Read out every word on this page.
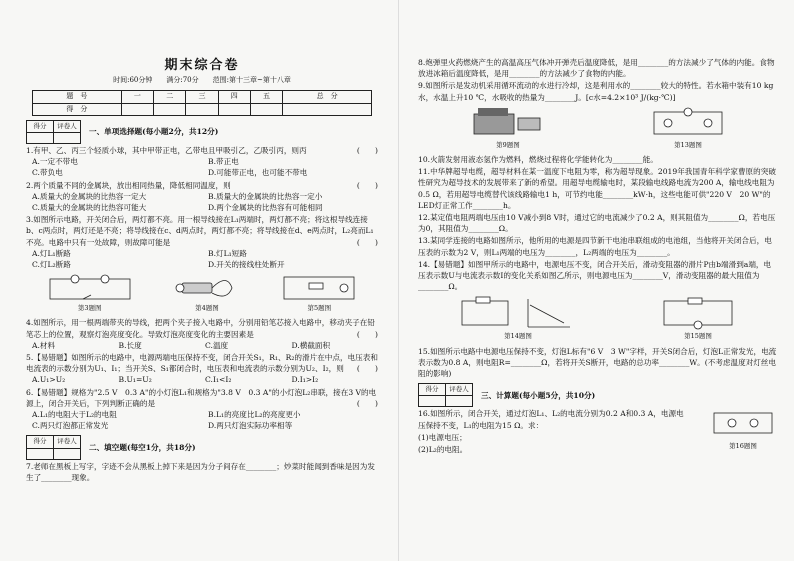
期末综合卷
时间:60分钟　　满分:70分　　范围:第十三章~第十八章
题　号	一	二	三	四	五	总　分
得　分						
得分	评卷人

一、单项选择题(每小题2分，共12分)
1.有甲、乙、丙三个轻质小球，其中甲带正电，乙带电且甲吸引乙，乙吸引丙，则丙	(　　)
A.一定不带电	B.带正电
C.带负电	D.可能带正电，也可能不带电
2.两个质量不同的金属块，放出相同热量，降低相同温度，则	(　　)
A.质量大的金属块的比热容一定大	B.质量大的金属块的比热容一定小
C.质量大的金属块的比热容可能大	D.两个金属块的比热容有可能相同
3.如图所示电路，开关闭合后，两灯都不亮。用一根导线接在L₁两端时，两灯都不亮；将这根导线连接b、c两点时，两灯还是不亮；将导线接在c、d两点时，两灯都不亮；将导线接在d、e两点时，L₂亮而L₁不亮。电路中只有一处故障，则故障可能是	(　　)
A.灯L₁断路	B.灯L₁短路
C.灯L₂断路	D.开关的接线柱处断开
第3题图	第4题图	第5题图
4.如图所示，用一根两端带夹的导线，把两个夹子接入电路中，分别用铅笔芯接入电路中，移动夹子在铅笔芯上的位置，观察灯泡亮度变化。导致灯泡亮度变化的主要因素是	(　　)
A.材料	B.长度	C.温度	D.横截面积
5.【易错题】如图所示的电路中，电源两端电压保持不变，闭合开关S₁，R₁、R₂的滑片在中点，电压表和电流表的示数分别为U₁、I₁；当开关S、S₁都闭合时，电压表和电流表的示数分别为U₂、I₂，则 (　　)
A.U₁>U₂	B.U₁=U₂	C.I₁<I₂	D.I₁>I₂
6.【易错题】规格为"2.5 V　0.3 A"的小灯泡L₁和规格为"3.8 V　0.3 A"的小灯泡L₂串联，接在3 V的电源上，闭合开关后，下列判断正确的是	(　　)
A.L₁的电阻大于L₂的电阻	B.L₁的亮度比L₂的亮度更小
C.两只灯泡都正常发光	D.两只灯泡实际功率相等
得分	评卷人

二、填空题(每空1分，共18分)
7.老师在黑板上写字，字迹不会从黑板上掉下来是因为分子间存在________；炒菜时能闻到香味是因为发生了________现象。
8.炮弹里火药燃烧产生的高温高压气体冲开弹壳后温度降低，是用________的方法减少了气体的内能。食物放进冰箱后温度降低，是用________的方法减少了食物的内能。
9.如图所示是发动机采用循环流动的水进行冷却，这是利用水的________较大的特性。若水箱中装有10 kg水，水温上升10 ℃，水吸收的热量为________J。[c水=4.2×10³ J/(kg·℃)]
第9题图	第13题图
10.火箭发射用液态氢作为燃料，燃烧过程将化学能转化为________能。
11.中华牌超导电缆，超导材料在某一温度下电阻为零，称为超导现象。2019年我国青年科学家曹原的突破性研究为超导技术的发展带来了新的希望。用超导电缆输电时，某段输电线路电流为200 A，输电线电阻为0.5 Ω，若用超导电缆替代该线路输电1 h，可节约电能________kW·h，这些电能可供"220 V　20 W"的LED灯正常工作________h。
12.某定值电阻两端电压由10 V减小到8 V时，通过它的电流减少了0.2 A，则其阻值为________Ω，若电压为0，其阻值为________Ω。
13.某同学连接的电路如图所示，他所用的电源是四节新干电池串联组成的电池组，当他将开关闭合后，电压表的示数为2 V，则L₁两端的电压为________，L₂两端的电压为________。
14.【易错题】如图甲所示的电路中，电源电压不变，闭合开关后，滑动变阻器的滑片P由b端滑到a端，电压表示数U与电流表示数I的变化关系如图乙所示，则电源电压为________V，滑动变阻器的最大阻值为________Ω。
第14题图	第15题图
15.如图所示电路中电源电压保持不变，灯泡L标有"6 V　3 W"字样，开关S闭合后，灯泡L正常发光，电流表示数为0.8 A，则电阻R=________Ω，若将开关S断开，电路的总功率________W。(不考虑温度对灯丝电阻的影响)
得分	评卷人

三、计算题(每小题5分，共10分)
16.如图所示，闭合开关，通过灯泡L₁、L₂的电流分别为0.2 A和0.3 A，电源电压保持不变，L₁的电阻为15 Ω。求：
(1)电源电压；
(2)L₂的电阻。	第16题图
